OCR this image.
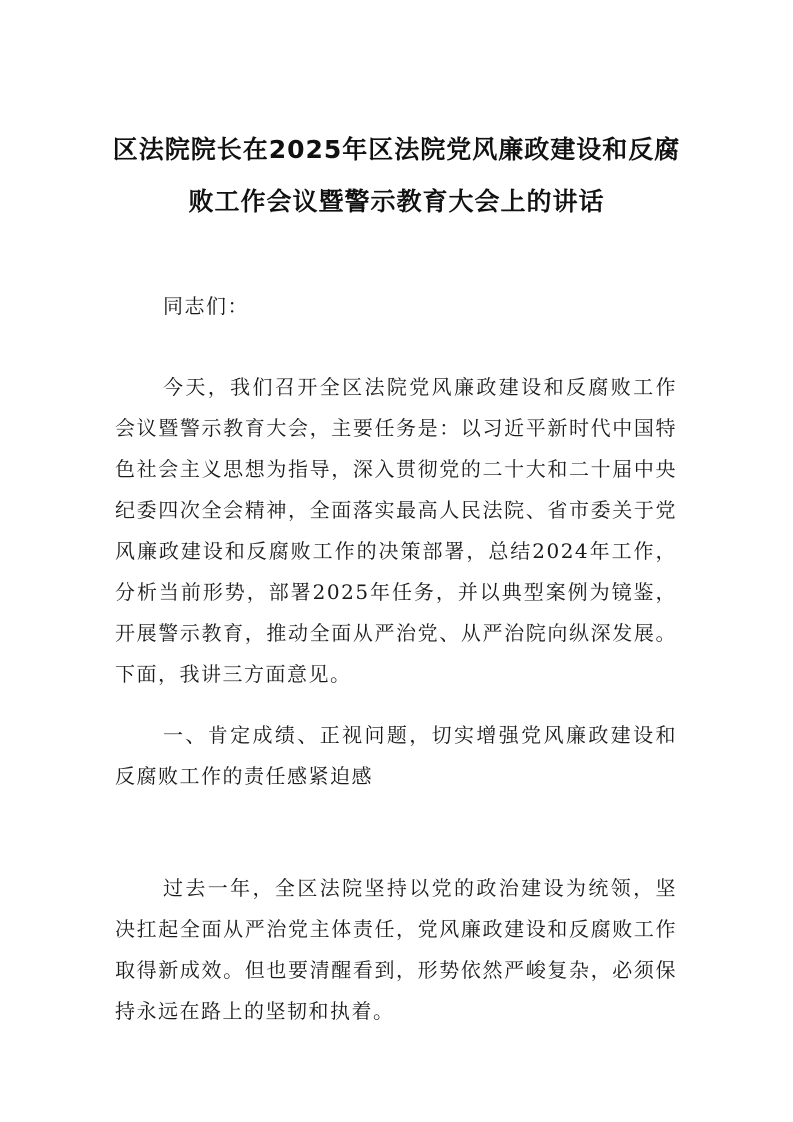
区法院院长在2025年区法院党风廉政建设和反腐败工作会议暨警示教育大会上的讲话

同志们：

今天，我们召开全区法院党风廉政建设和反腐败工作会议暨警示教育大会，主要任务是：以习近平新时代中国特色社会主义思想为指导，深入贯彻党的二十大和二十届中央纪委四次全会精神，全面落实最高人民法院、省市委关于党风廉政建设和反腐败工作的决策部署，总结2024年工作，分析当前形势，部署2025年任务，并以典型案例为镜鉴，开展警示教育，推动全面从严治党、从严治院向纵深发展。下面，我讲三方面意见。

一、肯定成绩、正视问题，切实增强党风廉政建设和反腐败工作的责任感紧迫感

过去一年，全区法院坚持以党的政治建设为统领，坚决扛起全面从严治党主体责任，党风廉政建设和反腐败工作取得新成效。但也要清醒看到，形势依然严峻复杂，必须保持永远在路上的坚韧和执着。
